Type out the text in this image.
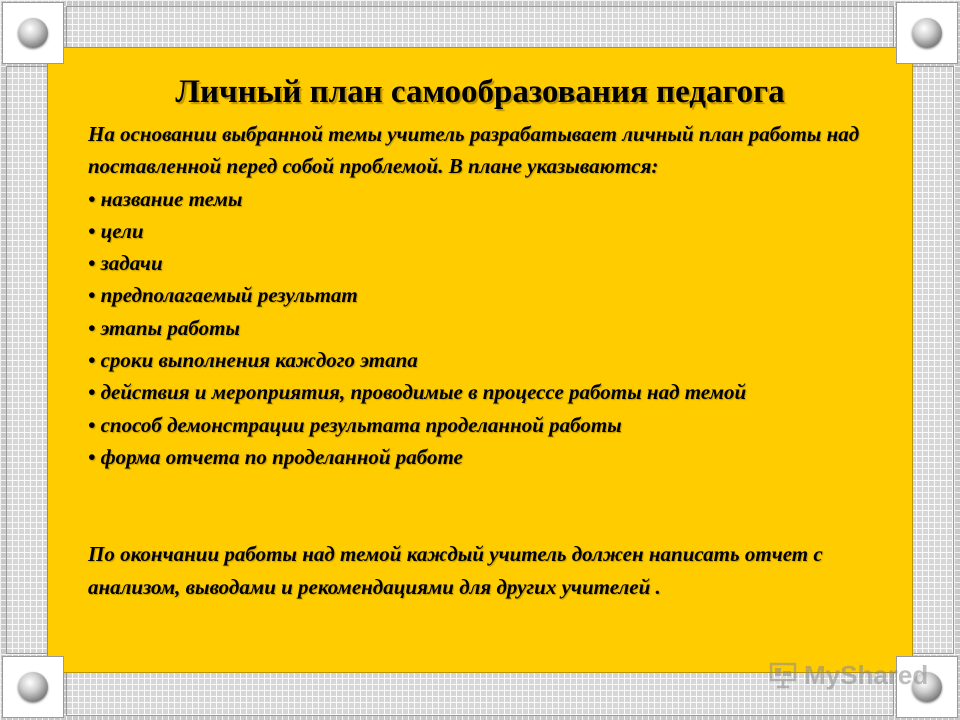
Личный план самообразования педагога

На основании выбранной темы учитель разрабатывает личный план работы над поставленной перед собой проблемой. В плане указываются:

• название темы
• цели
• задачи
• предполагаемый результат
• этапы работы
• сроки выполнения каждого этапа
• действия и мероприятия, проводимые в процессе работы над темой
• способ демонстрации результата проделанной работы
• форма отчета по проделанной работе

По окончании работы над темой каждый учитель должен написать отчет с анализом, выводами и рекомендациями для других учителей .

MyShared
